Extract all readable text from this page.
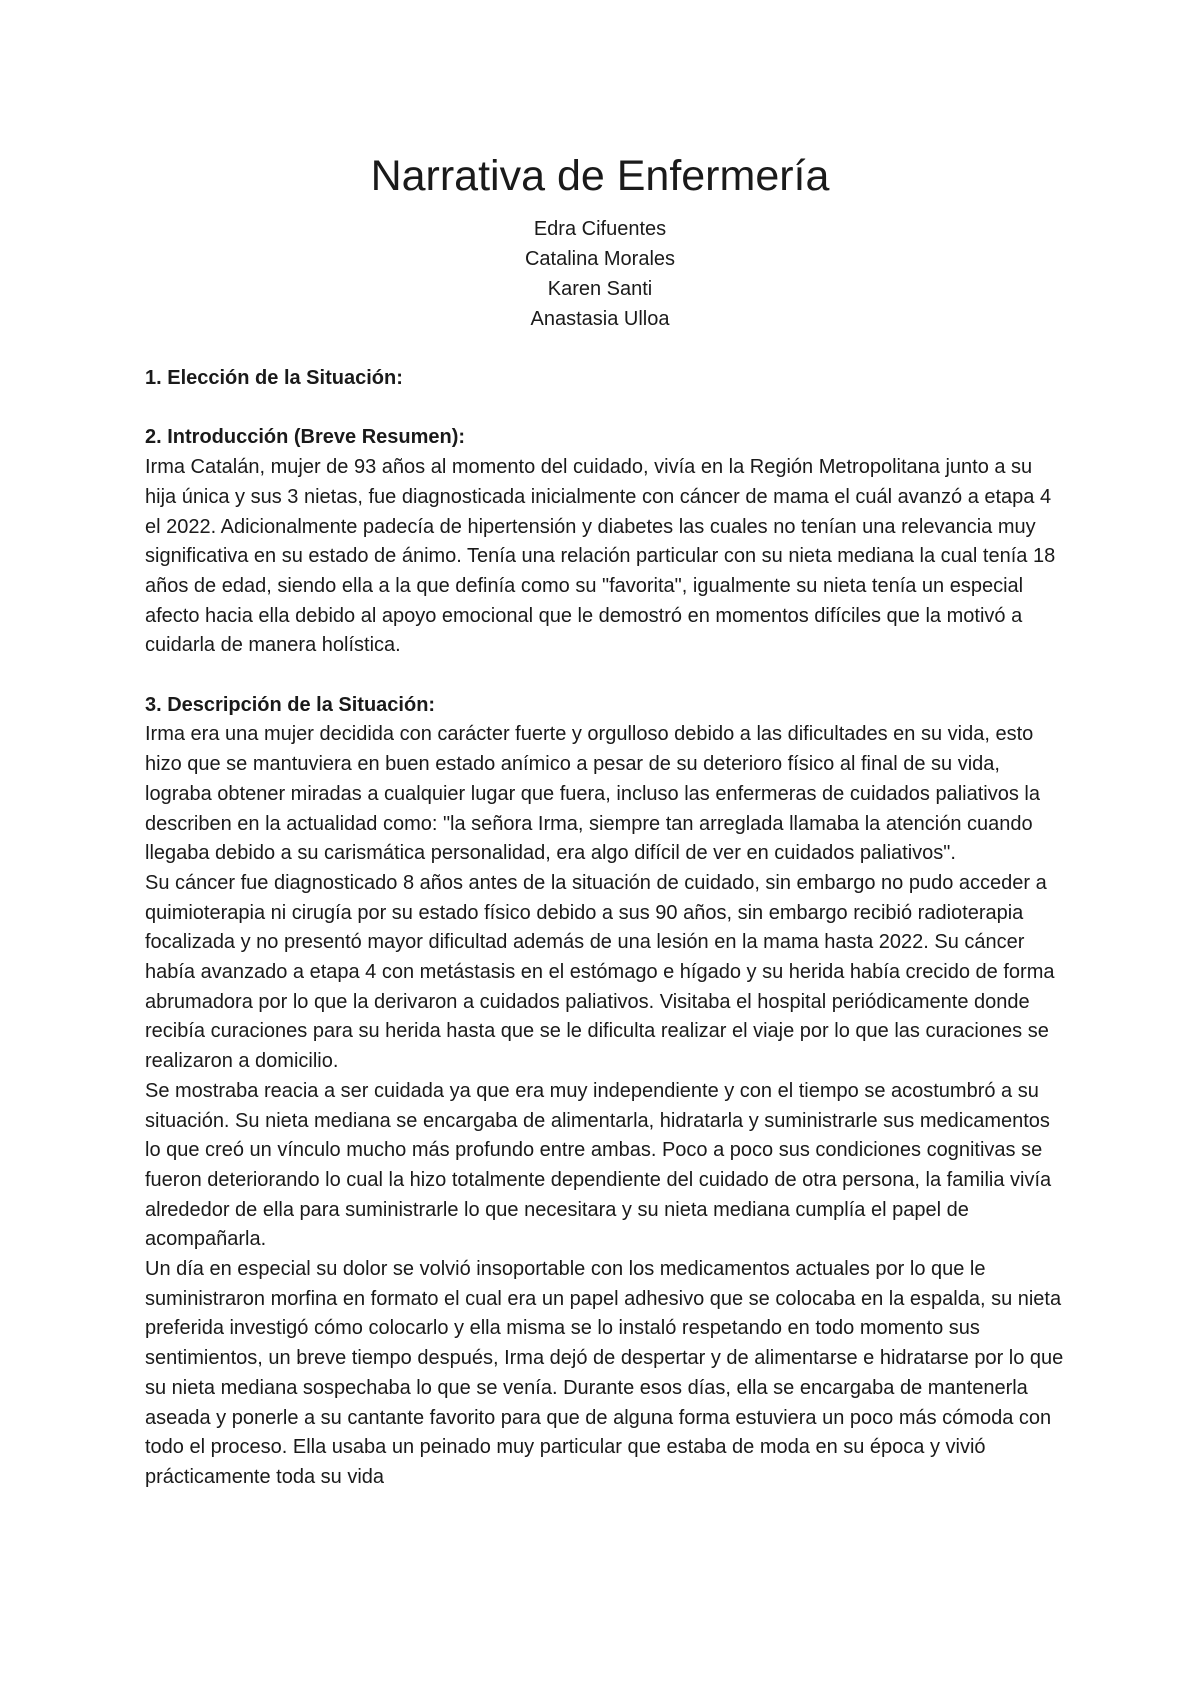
Narrativa de Enfermería
Edra Cifuentes
Catalina Morales
Karen Santi
Anastasia Ulloa

1. Elección de la Situación:

2. Introducción (Breve Resumen):

Irma Catalán, mujer de 93 años al momento del cuidado, vivía en la Región Metropolitana junto a su hija única y sus 3 nietas, fue diagnosticada inicialmente con cáncer de mama el cuál avanzó a etapa 4 el 2022. Adicionalmente padecía de hipertensión y diabetes las cuales no tenían una relevancia muy significativa en su estado de ánimo. Tenía una relación particular con su nieta mediana la cual tenía 18 años de edad, siendo ella a la que definía como su "favorita", igualmente su nieta tenía un especial afecto hacia ella debido al apoyo emocional que le demostró en momentos difíciles que la motivó a cuidarla de manera holística.

3. Descripción de la Situación:

Irma era una mujer decidida con carácter fuerte y orgulloso debido a las dificultades en su vida, esto hizo que se mantuviera en buen estado anímico a pesar de su deterioro físico al final de su vida, lograba obtener miradas a cualquier lugar que fuera, incluso las enfermeras de cuidados paliativos la describen en la actualidad como: "la señora Irma, siempre tan arreglada llamaba la atención cuando llegaba debido a su carismática personalidad, era algo difícil de ver en cuidados paliativos".

Su cáncer fue diagnosticado 8 años antes de la situación de cuidado, sin embargo no pudo acceder a quimioterapia ni cirugía por su estado físico debido a sus 90 años, sin embargo recibió radioterapia focalizada y no presentó mayor dificultad además de una lesión en la mama hasta 2022. Su cáncer había avanzado a etapa 4 con metástasis en el estómago e hígado y su herida había crecido de forma abrumadora por lo que la derivaron a cuidados paliativos. Visitaba el hospital periódicamente donde recibía curaciones para su herida hasta que se le dificulta realizar el viaje por lo que las curaciones se realizaron a domicilio.

Se mostraba reacia a ser cuidada ya que era muy independiente y con el tiempo se acostumbró a su situación. Su nieta mediana se encargaba de alimentarla, hidratarla y suministrarle sus medicamentos lo que creó un vínculo mucho más profundo entre ambas. Poco a poco sus condiciones cognitivas se fueron deteriorando lo cual la hizo totalmente dependiente del cuidado de otra persona, la familia vivía alrededor de ella para suministrarle lo que necesitara y su nieta mediana cumplía el papel de acompañarla.

Un día en especial su dolor se volvió insoportable con los medicamentos actuales por lo que le suministraron morfina en formato el cual era un papel adhesivo que se colocaba en la espalda, su nieta preferida investigó cómo colocarlo y ella misma se lo instaló respetando en todo momento sus sentimientos, un breve tiempo después, Irma dejó de despertar y de alimentarse e hidratarse por lo que su nieta mediana sospechaba lo que se venía. Durante esos días, ella se encargaba de mantenerla aseada y ponerle a su cantante favorito para que de alguna forma estuviera un poco más cómoda con todo el proceso. Ella usaba un peinado muy particular que estaba de moda en su época y vivió prácticamente toda su vida
